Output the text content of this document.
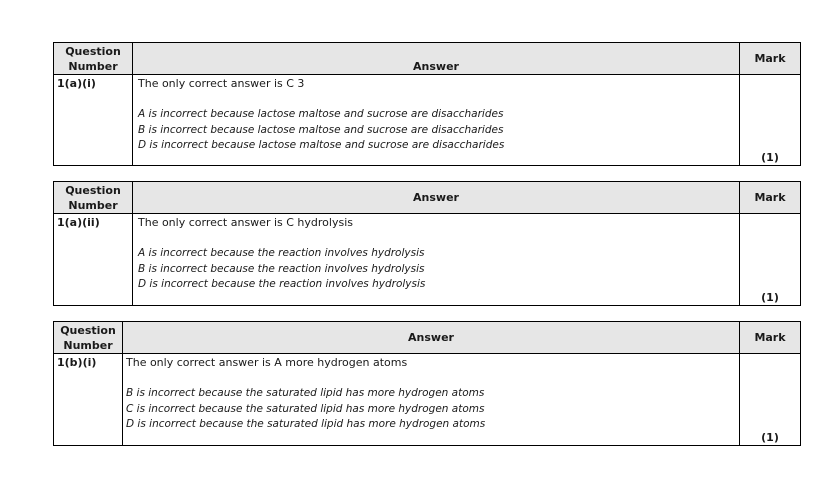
Question
Number	Answer	Mark
1(a)(i)	The only correct answer is C 3
A is incorrect because lactose maltose and sucrose are disaccharides
B is incorrect because lactose maltose and sucrose are disaccharides
D is incorrect because lactose maltose and sucrose are disaccharides	(1)
Question
Number	Answer	Mark
1(a)(ii)	The only correct answer is C hydrolysis
A is incorrect because the reaction involves hydrolysis
B is incorrect because the reaction involves hydrolysis
D is incorrect because the reaction involves hydrolysis	(1)
Question
Number	Answer	Mark
1(b)(i)	The only correct answer is A more hydrogen atoms
B is incorrect because the saturated lipid has more hydrogen atoms
C is incorrect because the saturated lipid has more hydrogen atoms
D is incorrect because the saturated lipid has more hydrogen atoms	(1)
